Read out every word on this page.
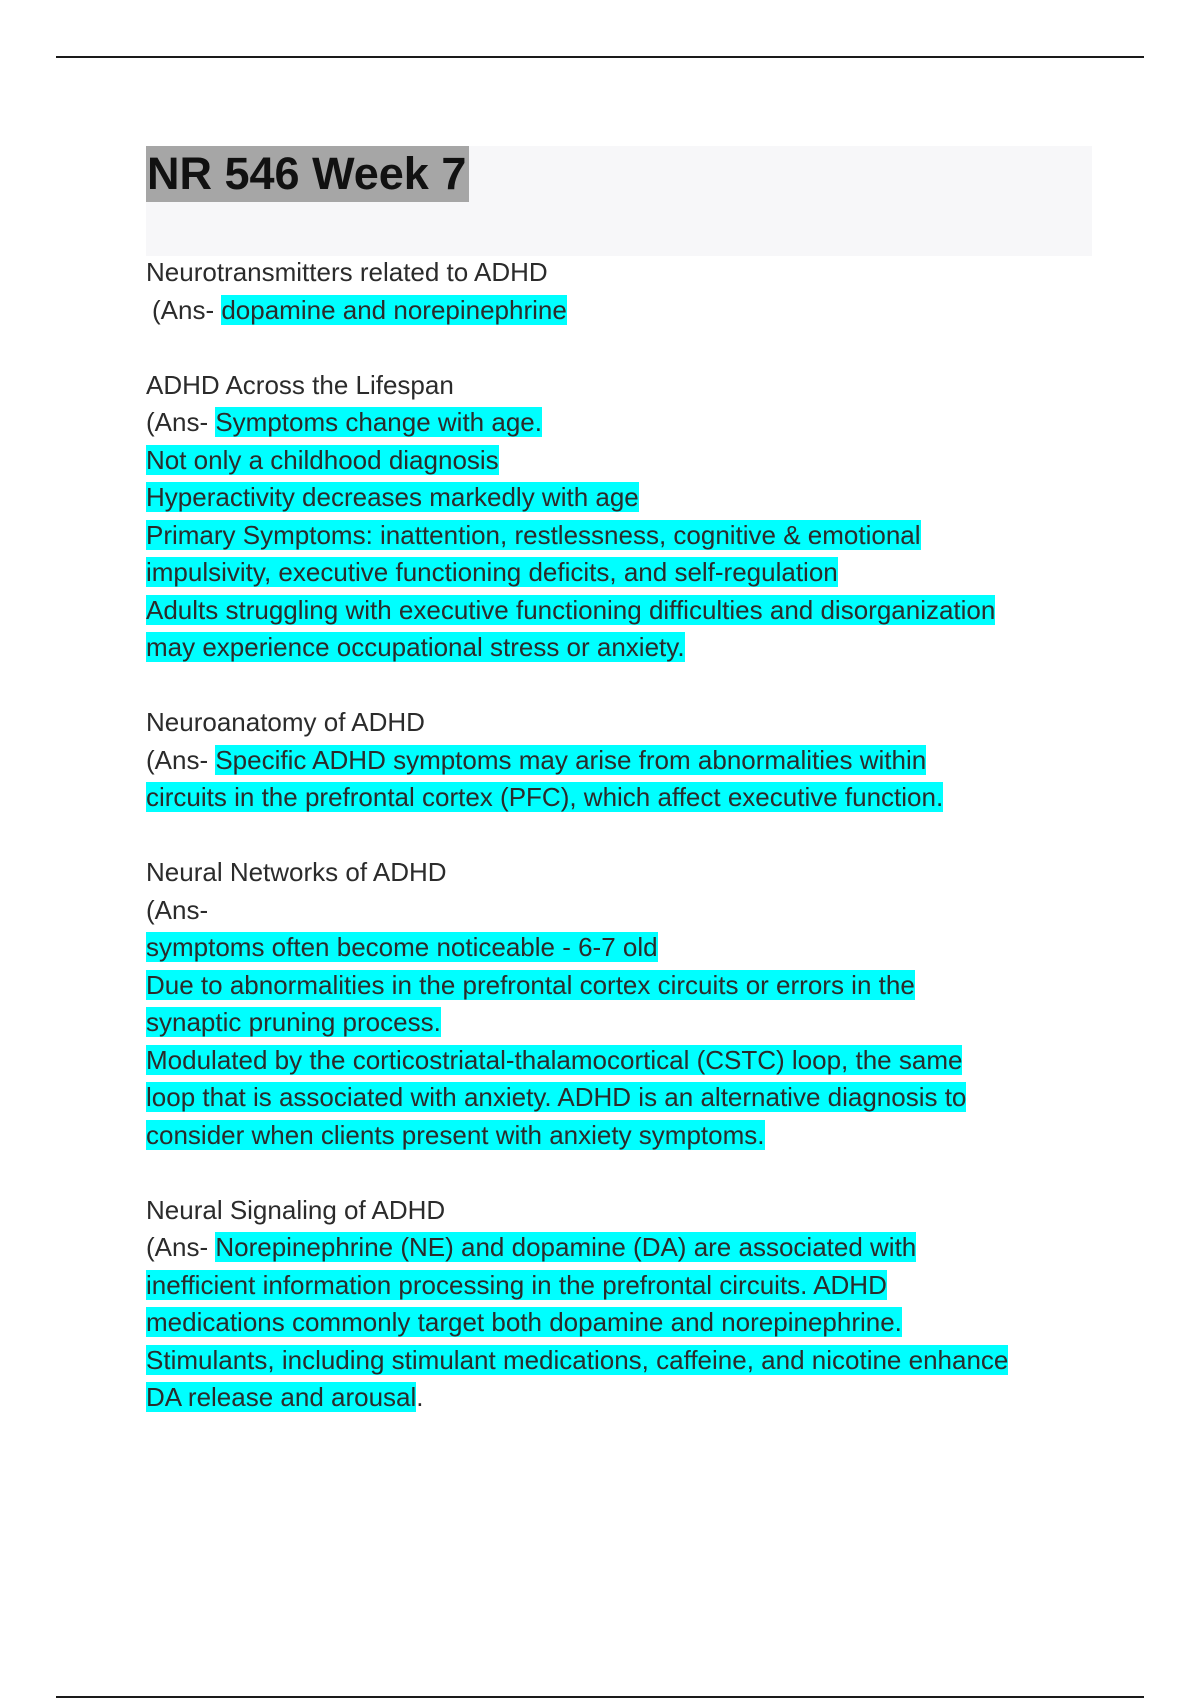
NR 546 Week 7
Neurotransmitters related to ADHD
(Ans- dopamine and norepinephrine
ADHD Across the Lifespan
(Ans- Symptoms change with age.
Not only a childhood diagnosis
Hyperactivity decreases markedly with age
Primary Symptoms: inattention, restlessness, cognitive & emotional
impulsivity, executive functioning deficits, and self-regulation
Adults struggling with executive functioning difficulties and disorganization
may experience occupational stress or anxiety.
Neuroanatomy of ADHD
(Ans- Specific ADHD symptoms may arise from abnormalities within
circuits in the prefrontal cortex (PFC), which affect executive function.
Neural Networks of ADHD
(Ans-
symptoms often become noticeable - 6-7 old
Due to abnormalities in the prefrontal cortex circuits or errors in the
synaptic pruning process.
Modulated by the corticostriatal-thalamocortical (CSTC) loop, the same
loop that is associated with anxiety. ADHD is an alternative diagnosis to
consider when clients present with anxiety symptoms.
Neural Signaling of ADHD
(Ans- Norepinephrine (NE) and dopamine (DA) are associated with
inefficient information processing in the prefrontal circuits. ADHD
medications commonly target both dopamine and norepinephrine.
Stimulants, including stimulant medications, caffeine, and nicotine enhance
DA release and arousal.
